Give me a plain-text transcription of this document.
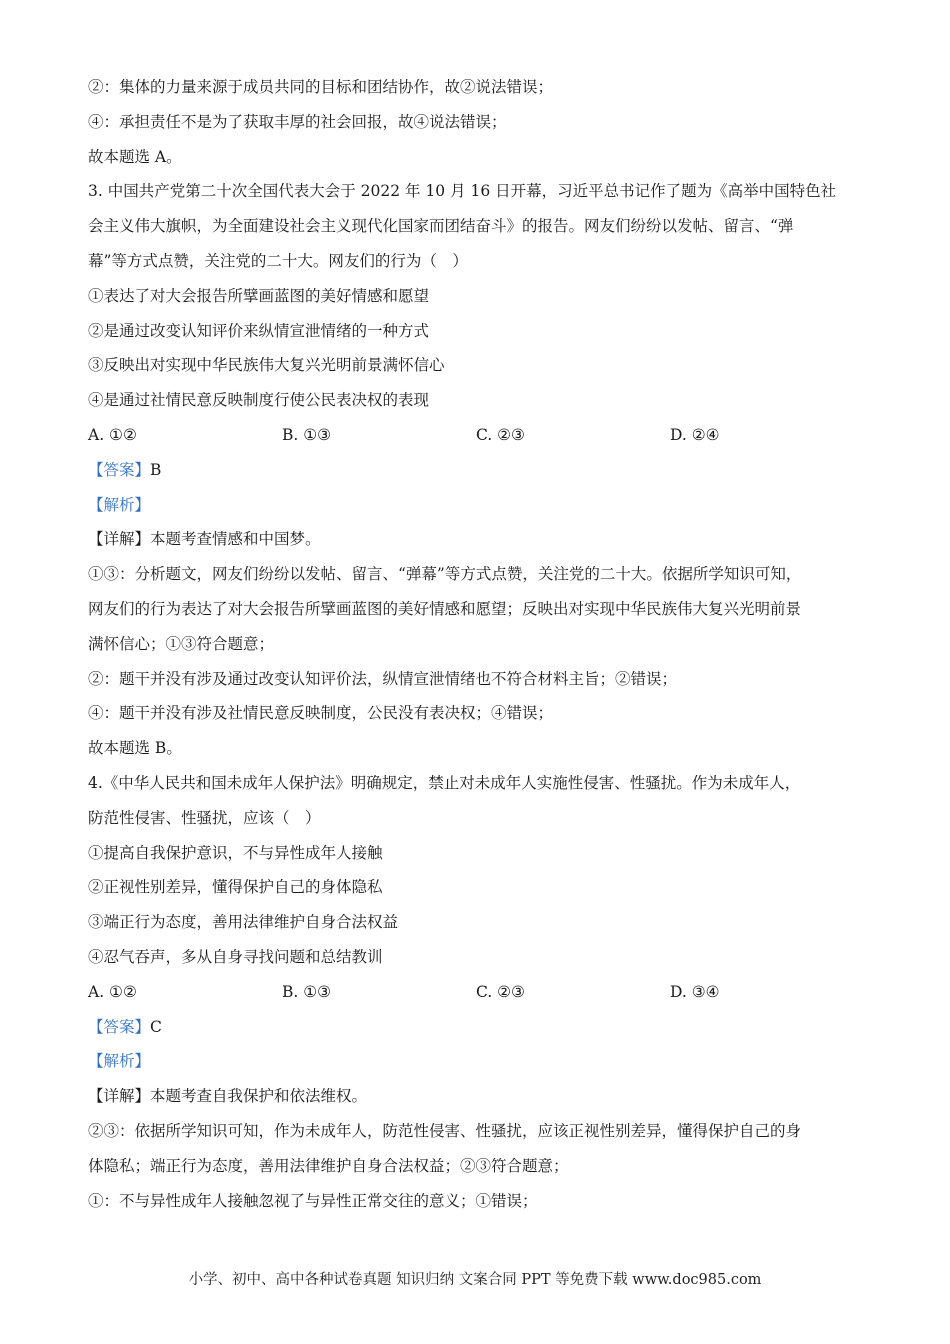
②：集体的力量来源于成员共同的目标和团结协作，故②说法错误；
④：承担责任不是为了获取丰厚的社会回报，故④说法错误；
故本题选 A。
3. 中国共产党第二十次全国代表大会于 2022 年 10 月 16 日开幕，习近平总书记作了题为《高举中国特色社
会主义伟大旗帜，为全面建设社会主义现代化国家而团结奋斗》的报告。网友们纷纷以发帖、留言、“弹
幕”等方式点赞，关注党的二十大。网友们的行为（　）
①表达了对大会报告所擘画蓝图的美好情感和愿望
②是通过改变认知评价来纵情宣泄情绪的一种方式
③反映出对实现中华民族伟大复兴光明前景满怀信心
④是通过社情民意反映制度行使公民表决权的表现
A. ①②	B. ①③	C. ②③	D. ②④
【答案】B
【解析】
【详解】本题考查情感和中国梦。
①③：分析题文，网友们纷纷以发帖、留言、“弹幕”等方式点赞，关注党的二十大。依据所学知识可知，
网友们的行为表达了对大会报告所擘画蓝图的美好情感和愿望；反映出对实现中华民族伟大复兴光明前景
满怀信心；①③符合题意；
②：题干并没有涉及通过改变认知评价法，纵情宣泄情绪也不符合材料主旨；②错误；
④：题干并没有涉及社情民意反映制度，公民没有表决权；④错误；
故本题选 B。
4.《中华人民共和国未成年人保护法》明确规定，禁止对未成年人实施性侵害、性骚扰。作为未成年人，
防范性侵害、性骚扰，应该（　）
①提高自我保护意识，不与异性成年人接触
②正视性别差异，懂得保护自己的身体隐私
③端正行为态度，善用法律维护自身合法权益
④忍气吞声，多从自身寻找问题和总结教训
A. ①②	B. ①③	C. ②③	D. ③④
【答案】C
【解析】
【详解】本题考查自我保护和依法维权。
②③：依据所学知识可知，作为未成年人，防范性侵害、性骚扰，应该正视性别差异，懂得保护自己的身
体隐私；端正行为态度，善用法律维护自身合法权益；②③符合题意；
①：不与异性成年人接触忽视了与异性正常交往的意义；①错误；
小学、初中、高中各种试卷真题 知识归纳 文案合同 PPT 等免费下载 www.doc985.com
